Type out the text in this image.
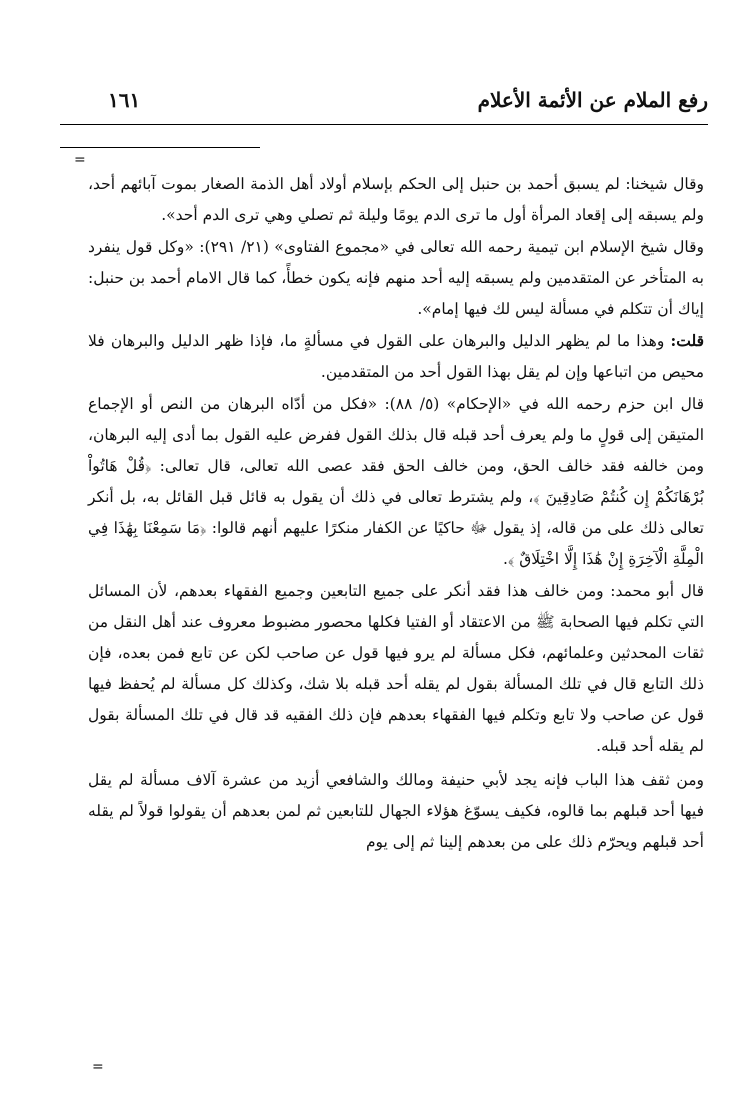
رفع الملام عن الأئمة الأعلام
١٦١
=

وقال شيخنا: لم يسبق أحمد بن حنبل إلى الحكم بإسلام أولاد أهل الذمة الصغار بموت آبائهم أحد، ولم يسبقه إلى إقعاد المرأة أول ما ترى الدم يومًا وليلة ثم تصلي وهي ترى الدم أحد».

وقال شيخ الإسلام ابن تيمية رحمه الله تعالى في «مجموع الفتاوى» (٢١/ ٢٩١): «وكل قول ينفرد به المتأخر عن المتقدمين ولم يسبقه إليه أحد منهم فإنه يكون خطأً، كما قال الامام أحمد بن حنبل: إياك أن تتكلم في مسألة ليس لك فيها إمام».

قلت: وهذا ما لم يظهر الدليل والبرهان على القول في مسألةٍ ما، فإذا ظهر الدليل والبرهان فلا محيص من اتباعها وإن لم يقل بهذا القول أحد من المتقدمين.

قال ابن حزم رحمه الله في «الإحكام» (٥/ ٨٨): «فكل من أدّاه البرهان من النص أو الإجماع المتيقن إلى قولٍ ما ولم يعرف أحد قبله قال بذلك القول ففرض عليه القول بما أدى إليه البرهان، ومن خالفه فقد خالف الحق، ومن خالف الحق فقد عصى الله تعالى، قال تعالى: ﴿قُلْ هَاتُواْ بُرْهَانَكُمْ إِن كُنتُمْ صَادِقِينَ ﴾، ولم يشترط تعالى في ذلك أن يقول به قائل قبل القائل به، بل أنكر تعالى ذلك على من قاله، إذ يقول ﷻ حاكيًا عن الكفار منكرًا عليهم أنهم قالوا: ﴿مَا سَمِعْنَا بِهَٰذَا فِي الْمِلَّةِ الْآخِرَةِ إِنْ هَٰذَا إِلَّا اخْتِلَاقٌ ﴾.

قال أبو محمد: ومن خالف هذا فقد أنكر على جميع التابعين وجميع الفقهاء بعدهم، لأن المسائل التي تكلم فيها الصحابة ﷺ من الاعتقاد أو الفتيا فكلها محصور مضبوط معروف عند أهل النقل من ثقات المحدثين وعلمائهم، فكل مسألة لم يرو فيها قول عن صاحب لكن عن تابع فمن بعده، فإن ذلك التابع قال في تلك المسألة بقول لم يقله أحد قبله بلا شك، وكذلك كل مسألة لم يُحفظ فيها قول عن صاحب ولا تابع وتكلم فيها الفقهاء بعدهم فإن ذلك الفقيه قد قال في تلك المسألة بقول لم يقله أحد قبله.

ومن ثقف هذا الباب فإنه يجد لأبي حنيفة ومالك والشافعي أزيد من عشرة آلاف مسألة لم يقل فيها أحد قبلهم بما قالوه، فكيف يسوّغ هؤلاء الجهال للتابعين ثم لمن بعدهم أن يقولوا قولاً لم يقله أحد قبلهم ويحرّم ذلك على من بعدهم إلينا ثم إلى يوم

=
